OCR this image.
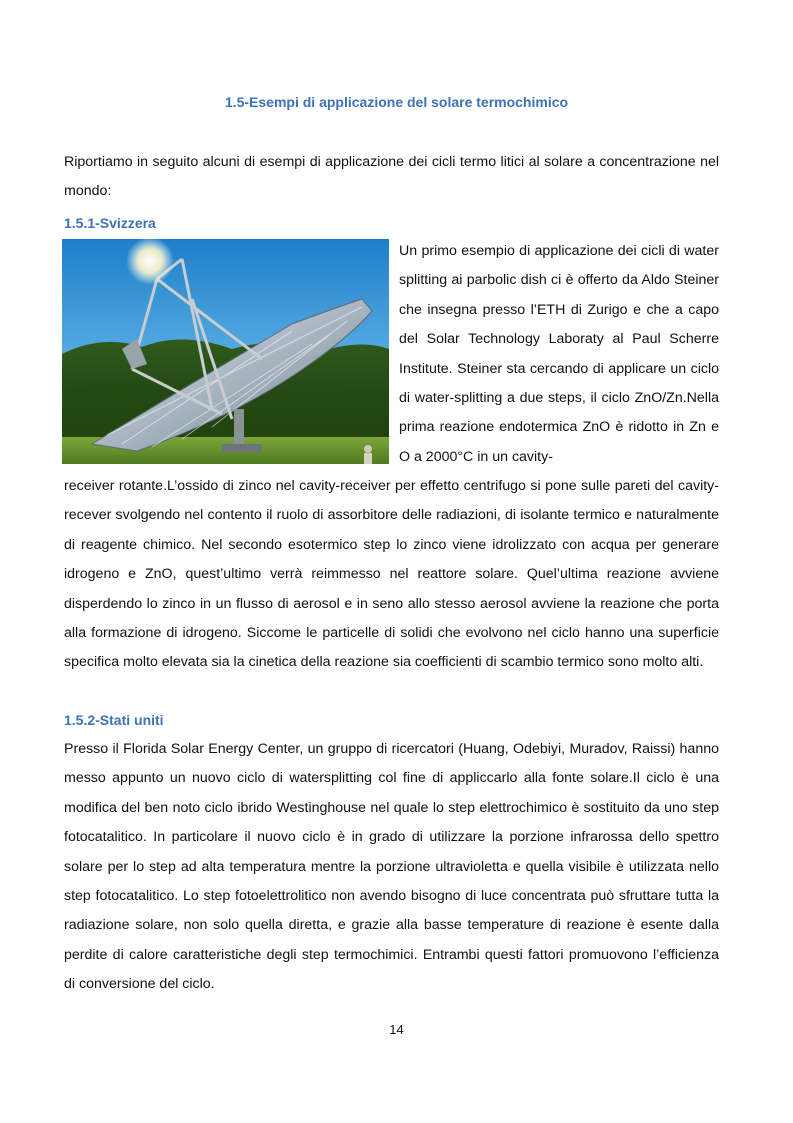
1.5-Esempi di applicazione del solare termochimico

Riportiamo in seguito alcuni di esempi di applicazione dei cicli termo litici al solare a concentrazione nel mondo:

1.5.1-Svizzera

Un primo esempio di applicazione dei cicli di water splitting ai parbolic dish ci è offerto da Aldo Steiner che insegna presso l’ETH di Zurigo e che a capo del Solar Technology Laboraty al Paul Scherre Institute. Steiner sta cercando di applicare un ciclo di water-splitting a due steps, il ciclo ZnO/Zn.Nella prima reazione endotermica ZnO è ridotto in Zn e O a 2000°C in un cavity-

receiver rotante.L’ossido di zinco nel cavity-receiver per effetto centrifugo si pone sulle pareti del cavity-recever svolgendo nel contento il ruolo di assorbitore delle radiazioni, di isolante termico e naturalmente di reagente chimico. Nel secondo esotermico step lo zinco viene idrolizzato con acqua per generare idrogeno e ZnO, quest’ultimo verrà reimmesso nel reattore solare. Quel’ultima reazione avviene disperdendo lo zinco in un flusso di aerosol e in seno allo stesso aerosol avviene la reazione che porta alla formazione di idrogeno. Siccome le particelle di solidi che evolvono nel ciclo hanno una superficie specifica molto elevata sia la cinetica della reazione sia coefficienti di scambio termico sono molto alti.

1.5.2-Stati uniti

Presso il Florida Solar Energy Center, un gruppo di ricercatori (Huang, Odebiyi, Muradov, Raissi) hanno messo appunto un nuovo ciclo di watersplitting col fine di appliccarlo alla fonte solare.Il ciclo è una modifica del ben noto ciclo ibrido Westinghouse nel quale lo step elettrochimico è sostituito da uno step fotocatalitico. In particolare il nuovo ciclo è in grado di utilizzare la porzione infrarossa dello spettro solare per lo step ad alta temperatura mentre la porzione ultravioletta e quella visibile è utilizzata nello step fotocatalitico. Lo step fotoelettrolitico non avendo bisogno di luce concentrata può sfruttare tutta la radiazione solare, non solo quella diretta, e grazie alla basse temperature di reazione è esente dalla perdite di calore caratteristiche degli step termochimici. Entrambi questi fattori promuovono l’efficienza di conversione del ciclo.

14
